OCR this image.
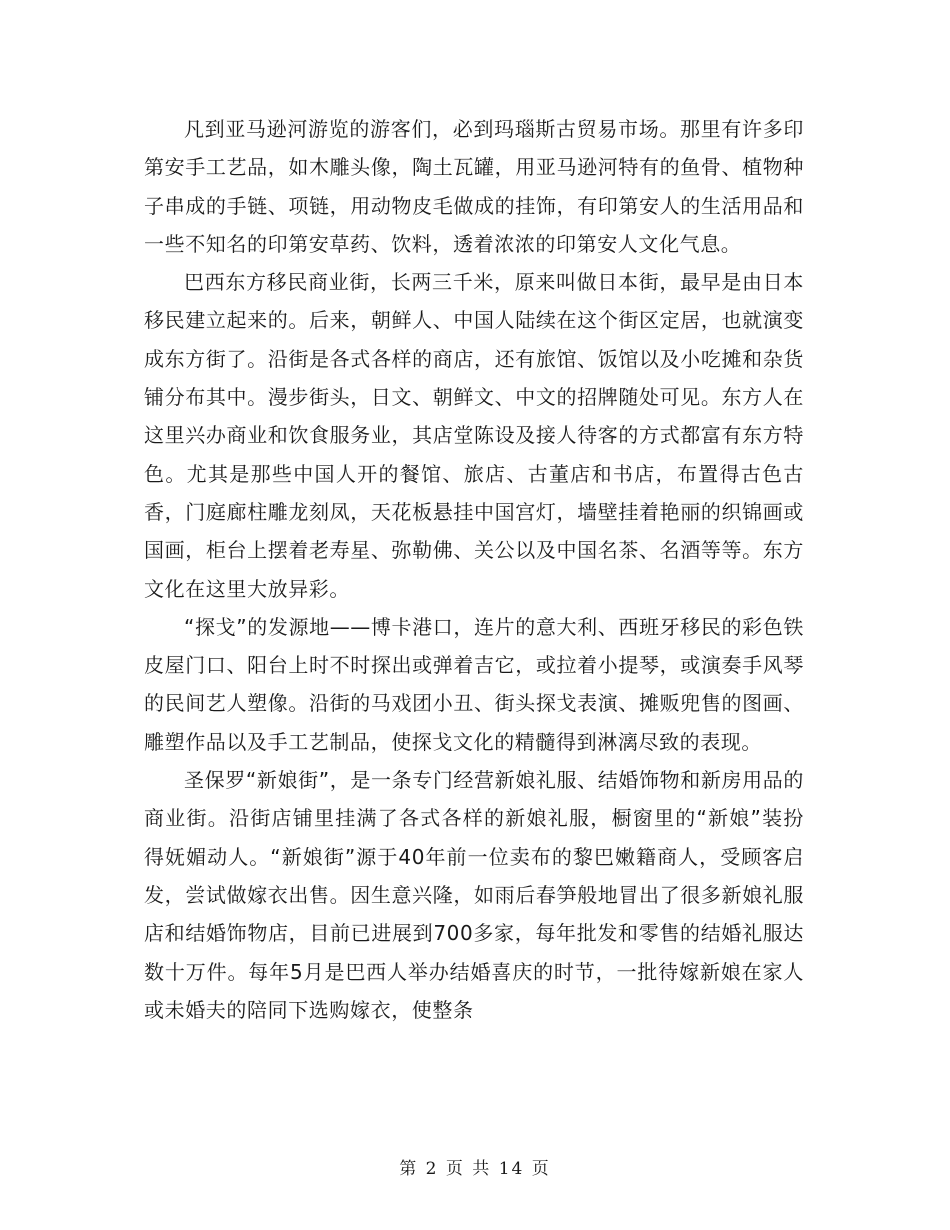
凡到亚马逊河游览的游客们，必到玛瑙斯古贸易市场。那里有许多印第安手工艺品，如木雕头像，陶土瓦罐，用亚马逊河特有的鱼骨、植物种子串成的手链、项链，用动物皮毛做成的挂饰，有印第安人的生活用品和一些不知名的印第安草药、饮料，透着浓浓的印第安人文化气息。

巴西东方移民商业街，长两三千米，原来叫做日本街，最早是由日本移民建立起来的。后来，朝鲜人、中国人陆续在这个街区定居，也就演变成东方街了。沿街是各式各样的商店，还有旅馆、饭馆以及小吃摊和杂货铺分布其中。漫步街头，日文、朝鲜文、中文的招牌随处可见。东方人在这里兴办商业和饮食服务业，其店堂陈设及接人待客的方式都富有东方特色。尤其是那些中国人开的餐馆、旅店、古董店和书店，布置得古色古香，门庭廊柱雕龙刻凤，天花板悬挂中国宫灯，墙壁挂着艳丽的织锦画或国画，柜台上摆着老寿星、弥勒佛、关公以及中国名茶、名酒等等。东方文化在这里大放异彩。

“探戈”的发源地——博卡港口，连片的意大利、西班牙移民的彩色铁皮屋门口、阳台上时不时探出或弹着吉它，或拉着小提琴，或演奏手风琴的民间艺人塑像。沿街的马戏团小丑、街头探戈表演、摊贩兜售的图画、雕塑作品以及手工艺制品，使探戈文化的精髓得到淋漓尽致的表现。

圣保罗“新娘街”，是一条专门经营新娘礼服、结婚饰物和新房用品的商业街。沿街店铺里挂满了各式各样的新娘礼服，橱窗里的“新娘”装扮得妩媚动人。“新娘街”源于40年前一位卖布的黎巴嫩籍商人，受顾客启发，尝试做嫁衣出售。因生意兴隆，如雨后春笋般地冒出了很多新娘礼服店和结婚饰物店，目前已进展到700多家，每年批发和零售的结婚礼服达数十万件。每年5月是巴西人举办结婚喜庆的时节，一批待嫁新娘在家人或未婚夫的陪同下选购嫁衣，使整条

第 2 页 共 14 页
